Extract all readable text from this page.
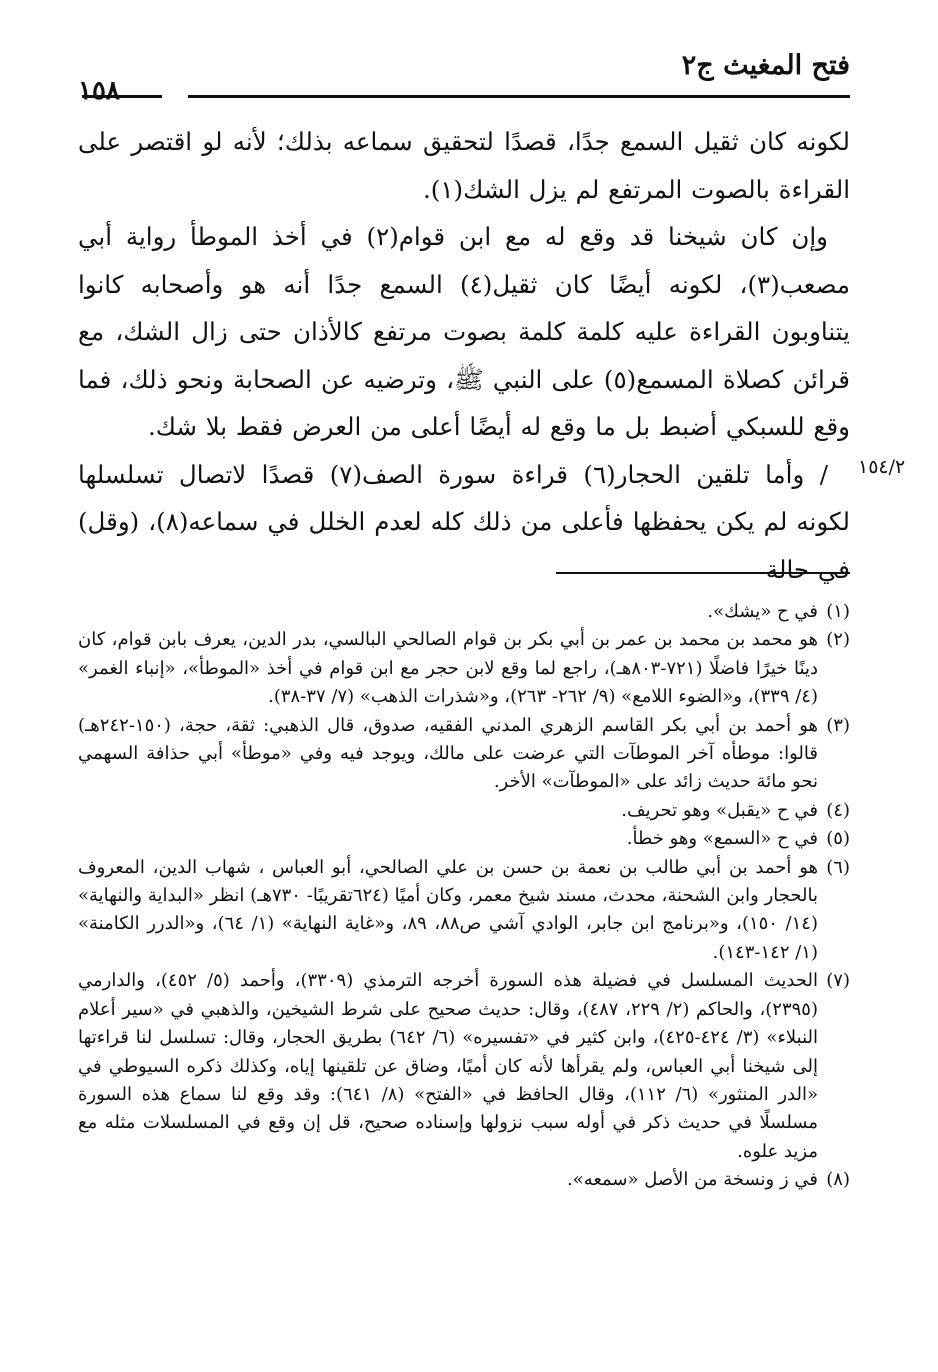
فتح المغيث ج٢
١٥٨

لكونه كان ثقيل السمع جدًا، قصدًا لتحقيق سماعه بذلك؛ لأنه لو اقتصر على القراءة بالصوت المرتفع لم يزل الشك(١).

وإن كان شيخنا قد وقع له مع ابن قوام(٢) في أخذ الموطأ رواية أبي مصعب(٣)، لكونه أيضًا كان ثقيل(٤) السمع جدًا أنه هو وأصحابه كانوا يتناوبون القراءة عليه كلمة كلمة بصوت مرتفع كالأذان حتى زال الشك، مع قرائن كصلاة المسمع(٥) على النبي ﷺ، وترضيه عن الصحابة ونحو ذلك، فما وقع للسبكي أضبط بل ما وقع له أيضًا أعلى من العرض فقط بلا شك.

/ وأما تلقين الحجار(٦) قراءة سورة الصف(٧) قصدًا لاتصال تسلسلها لكونه لم يكن يحفظها فأعلى من ذلك كله لعدم الخلل في سماعه(٨)، (وقل) في حالة

١٥٤/٢
(١)
في ح «يشك».
(٢)
هو محمد بن محمد بن عمر بن أبي بكر بن قوام الصالحي البالسي، بدر الدين، يعرف بابن قوام، كان دينًا خيرًا فاضلًا (٧٢١-٨٠٣هـ)، راجع لما وقع لابن حجر مع ابن قوام في أخذ «الموطأ»، «إنباء الغمر» (٤/ ٣٣٩)، و«الضوء اللامع» (٩/ ٢٦٢- ٢٦٣)، و«شذرات الذهب» (٧/ ٣٧-٣٨).
(٣)
هو أحمد بن أبي بكر القاسم الزهري المدني الفقيه، صدوق، قال الذهبي: ثقة، حجة، (١٥٠-٢٤٢هـ) قالوا: موطأه آخر الموطآت التي عرضت على مالك، ويوجد فيه وفي «موطأ» أبي حذافة السهمي نحو مائة حديث زائد على «الموطآت» الأخر.
(٤)
في ح «يقبل» وهو تحريف.
(٥)
في ح «السمع» وهو خطأ.
(٦)
هو أحمد بن أبي طالب بن نعمة بن حسن بن علي الصالحي، أبو العباس ، شهاب الدين، المعروف بالحجار وابن الشحنة، محدث، مسند شيخ معمر، وكان أميًا (٦٢٤تقريبًا- ٧٣٠هـ) انظر «البداية والنهاية» (١٤/ ١٥٠)، و«برنامج ابن جابر، الوادي آشي ص٨٨، ٨٩، و«غاية النهاية» (١/ ٦٤)، و«الدرر الكامنة» (١/ ١٤٢-١٤٣).
(٧)
الحديث المسلسل في فضيلة هذه السورة أخرجه الترمذي (٣٣٠٩)، وأحمد (٥/ ٤٥٢)، والدارمي (٢٣٩٥)، والحاكم (٢/ ٢٢٩، ٤٨٧)، وقال: حديث صحيح على شرط الشيخين، والذهبي في «سير أعلام النبلاء» (٣/ ٤٢٤-٤٢٥)، وابن كثير في «تفسيره» (٦/ ٦٤٢) بطريق الحجار، وقال: تسلسل لنا قراءتها إلى شيخنا أبي العباس، ولم يقرأها لأنه كان أميًا، وضاق عن تلقينها إياه، وكذلك ذكره السيوطي في «الدر المنثور» (٦/ ١١٢)، وقال الحافظ في «الفتح» (٨/ ٦٤١): وقد وقع لنا سماع هذه السورة مسلسلًا في حديث ذكر في أوله سبب نزولها وإسناده صحيح، قل إن وقع في المسلسلات مثله مع مزيد علوه.
(٨)
في ز ونسخة من الأصل «سمعه».
